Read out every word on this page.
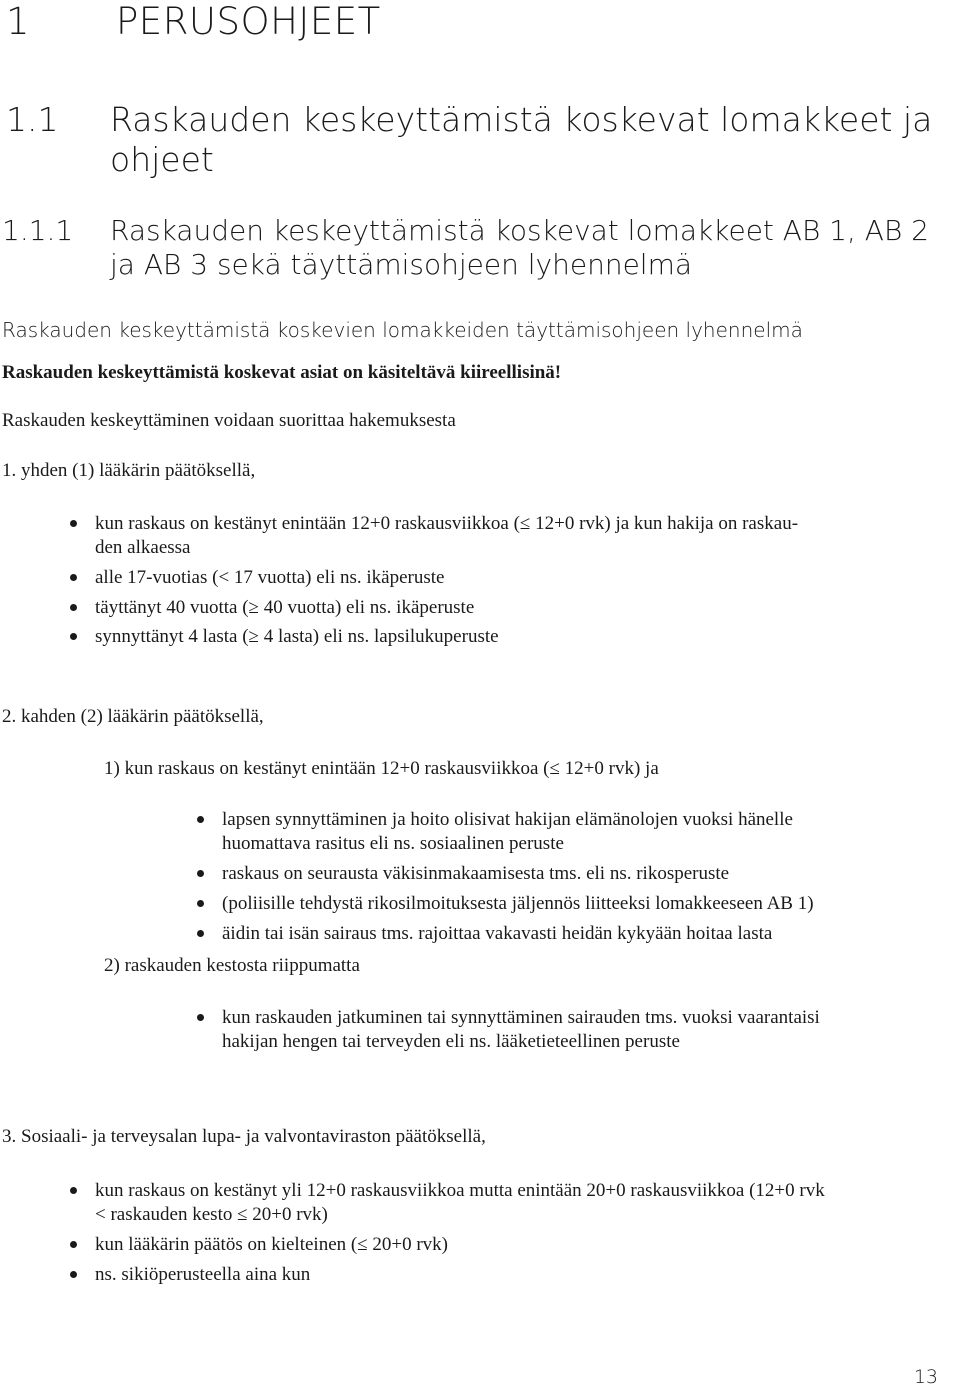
1 PERUSOHJEET
1.1 Raskauden keskeyttämistä koskevat lomakkeet ja
ohjeet
1.1.1 Raskauden keskeyttämistä koskevat lomakkeet AB 1, AB 2
ja AB 3 sekä täyttämisohjeen lyhennelmä
Raskauden keskeyttämistä koskevien lomakkeiden täyttämisohjeen lyhennelmä
Raskauden keskeyttämistä koskevat asiat on käsiteltävä kiireellisinä!
Raskauden keskeyttäminen voidaan suorittaa hakemuksesta
1. yhden (1) lääkärin päätöksellä,
kun raskaus on kestänyt enintään 12+0 raskausviikkoa (≤ 12+0 rvk) ja kun hakija on raskau-
den alkaessa
alle 17-vuotias (< 17 vuotta) eli ns. ikäperuste
täyttänyt 40 vuotta (≥ 40 vuotta) eli ns. ikäperuste
synnyttänyt 4 lasta (≥ 4 lasta) eli ns. lapsilukuperuste
2. kahden (2) lääkärin päätöksellä,
1) kun raskaus on kestänyt enintään 12+0 raskausviikkoa (≤ 12+0 rvk) ja
lapsen synnyttäminen ja hoito olisivat hakijan elämänolojen vuoksi hänelle
huomattava rasitus eli ns. sosiaalinen peruste
raskaus on seurausta väkisinmakaamisesta tms. eli ns. rikosperuste
(poliisille tehdystä rikosilmoituksesta jäljennös liitteeksi lomakkeeseen AB 1)
äidin tai isän sairaus tms. rajoittaa vakavasti heidän kykyään hoitaa lasta
2) raskauden kestosta riippumatta
kun raskauden jatkuminen tai synnyttäminen sairauden tms. vuoksi vaarantaisi
hakijan hengen tai terveyden eli ns. lääketieteellinen peruste
3. Sosiaali- ja terveysalan lupa- ja valvontaviraston päätöksellä,
kun raskaus on kestänyt yli 12+0 raskausviikkoa mutta enintään 20+0 raskausviikkoa (12+0 rvk
< raskauden kesto ≤ 20+0 rvk)
kun lääkärin päätös on kielteinen (≤ 20+0 rvk)
ns. sikiöperusteella aina kun
13
